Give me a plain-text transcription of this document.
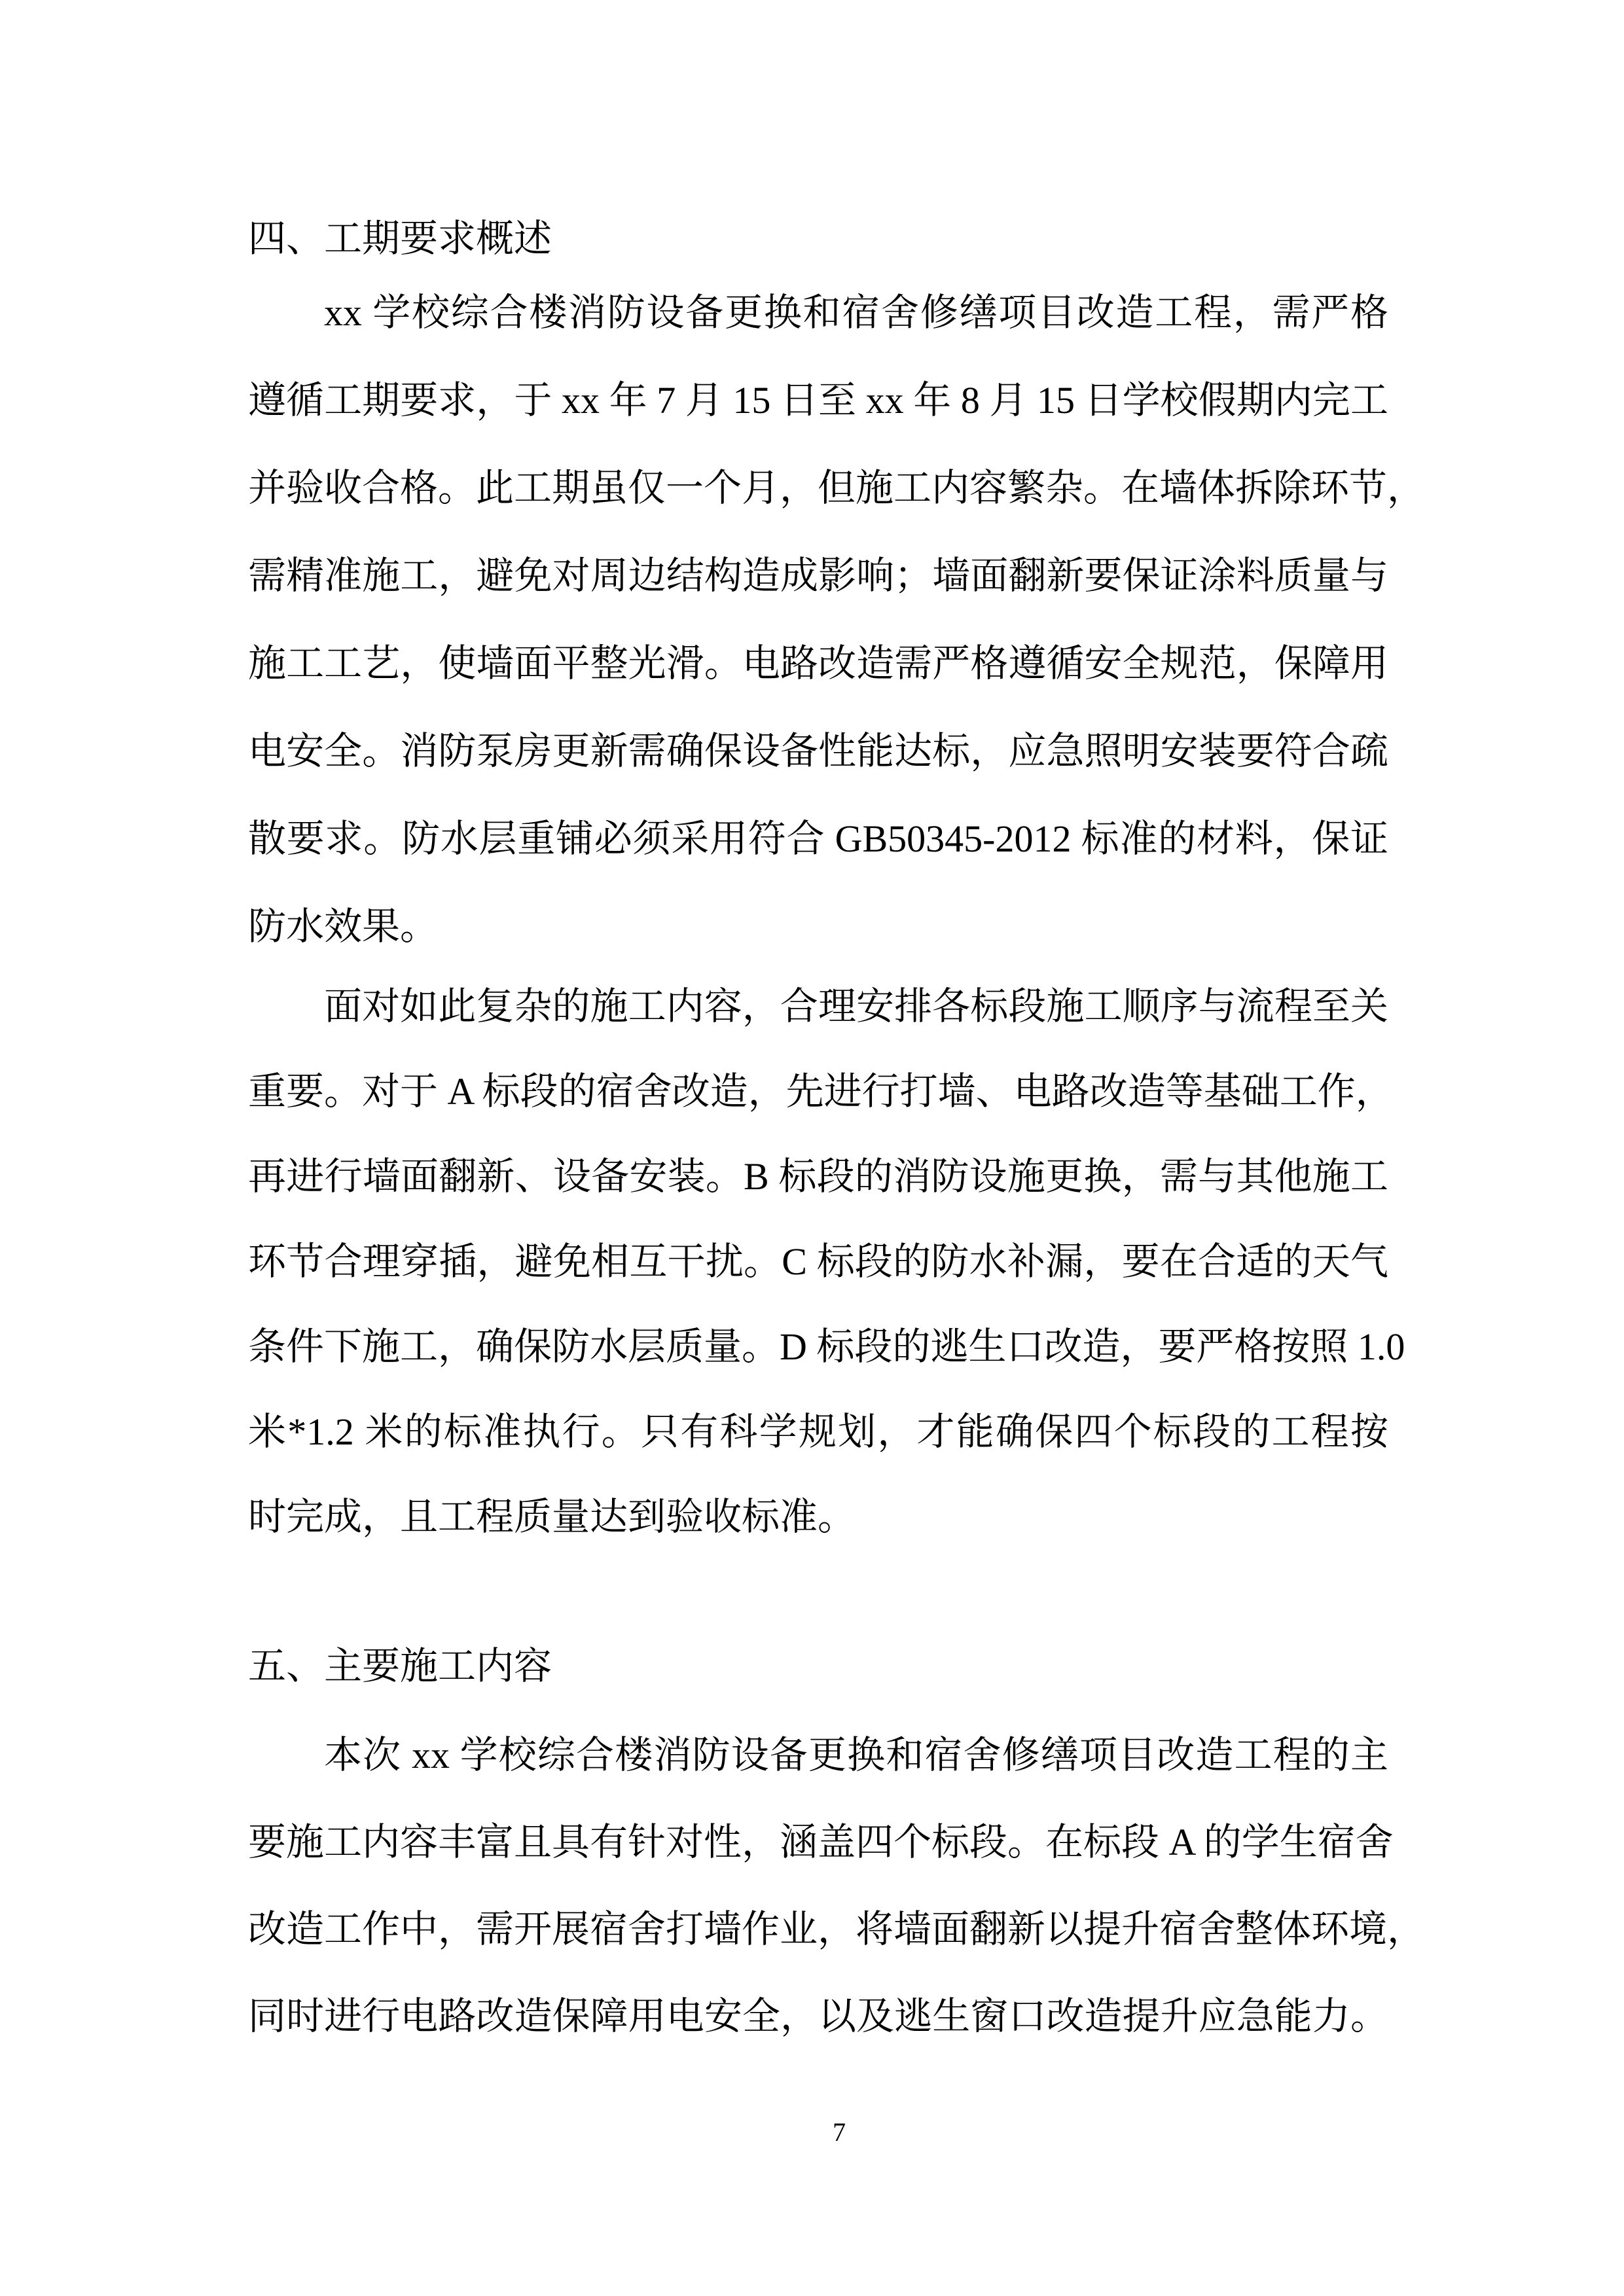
四、工期要求概述
xx 学校综合楼消防设备更换和宿舍修缮项目改造工程，需严格
遵循工期要求，于 xx 年 7 月 15 日至 xx 年 8 月 15 日学校假期内完工
并验收合格。此工期虽仅一个月，但施工内容繁杂。在墙体拆除环节，
需精准施工，避免对周边结构造成影响；墙面翻新要保证涂料质量与
施工工艺，使墙面平整光滑。电路改造需严格遵循安全规范，保障用
电安全。消防泵房更新需确保设备性能达标，应急照明安装要符合疏
散要求。防水层重铺必须采用符合 GB50345-2012 标准的材料，保证
防水效果。
面对如此复杂的施工内容，合理安排各标段施工顺序与流程至关
重要。对于 A 标段的宿舍改造，先进行打墙、电路改造等基础工作，
再进行墙面翻新、设备安装。B 标段的消防设施更换，需与其他施工
环节合理穿插，避免相互干扰。C 标段的防水补漏，要在合适的天气
条件下施工，确保防水层质量。D 标段的逃生口改造，要严格按照 1.0
米*1.2 米的标准执行。只有科学规划，才能确保四个标段的工程按
时完成，且工程质量达到验收标准。
五、主要施工内容
本次 xx 学校综合楼消防设备更换和宿舍修缮项目改造工程的主
要施工内容丰富且具有针对性，涵盖四个标段。在标段 A 的学生宿舍
改造工作中，需开展宿舍打墙作业，将墙面翻新以提升宿舍整体环境，
同时进行电路改造保障用电安全，以及逃生窗口改造提升应急能力。
7
